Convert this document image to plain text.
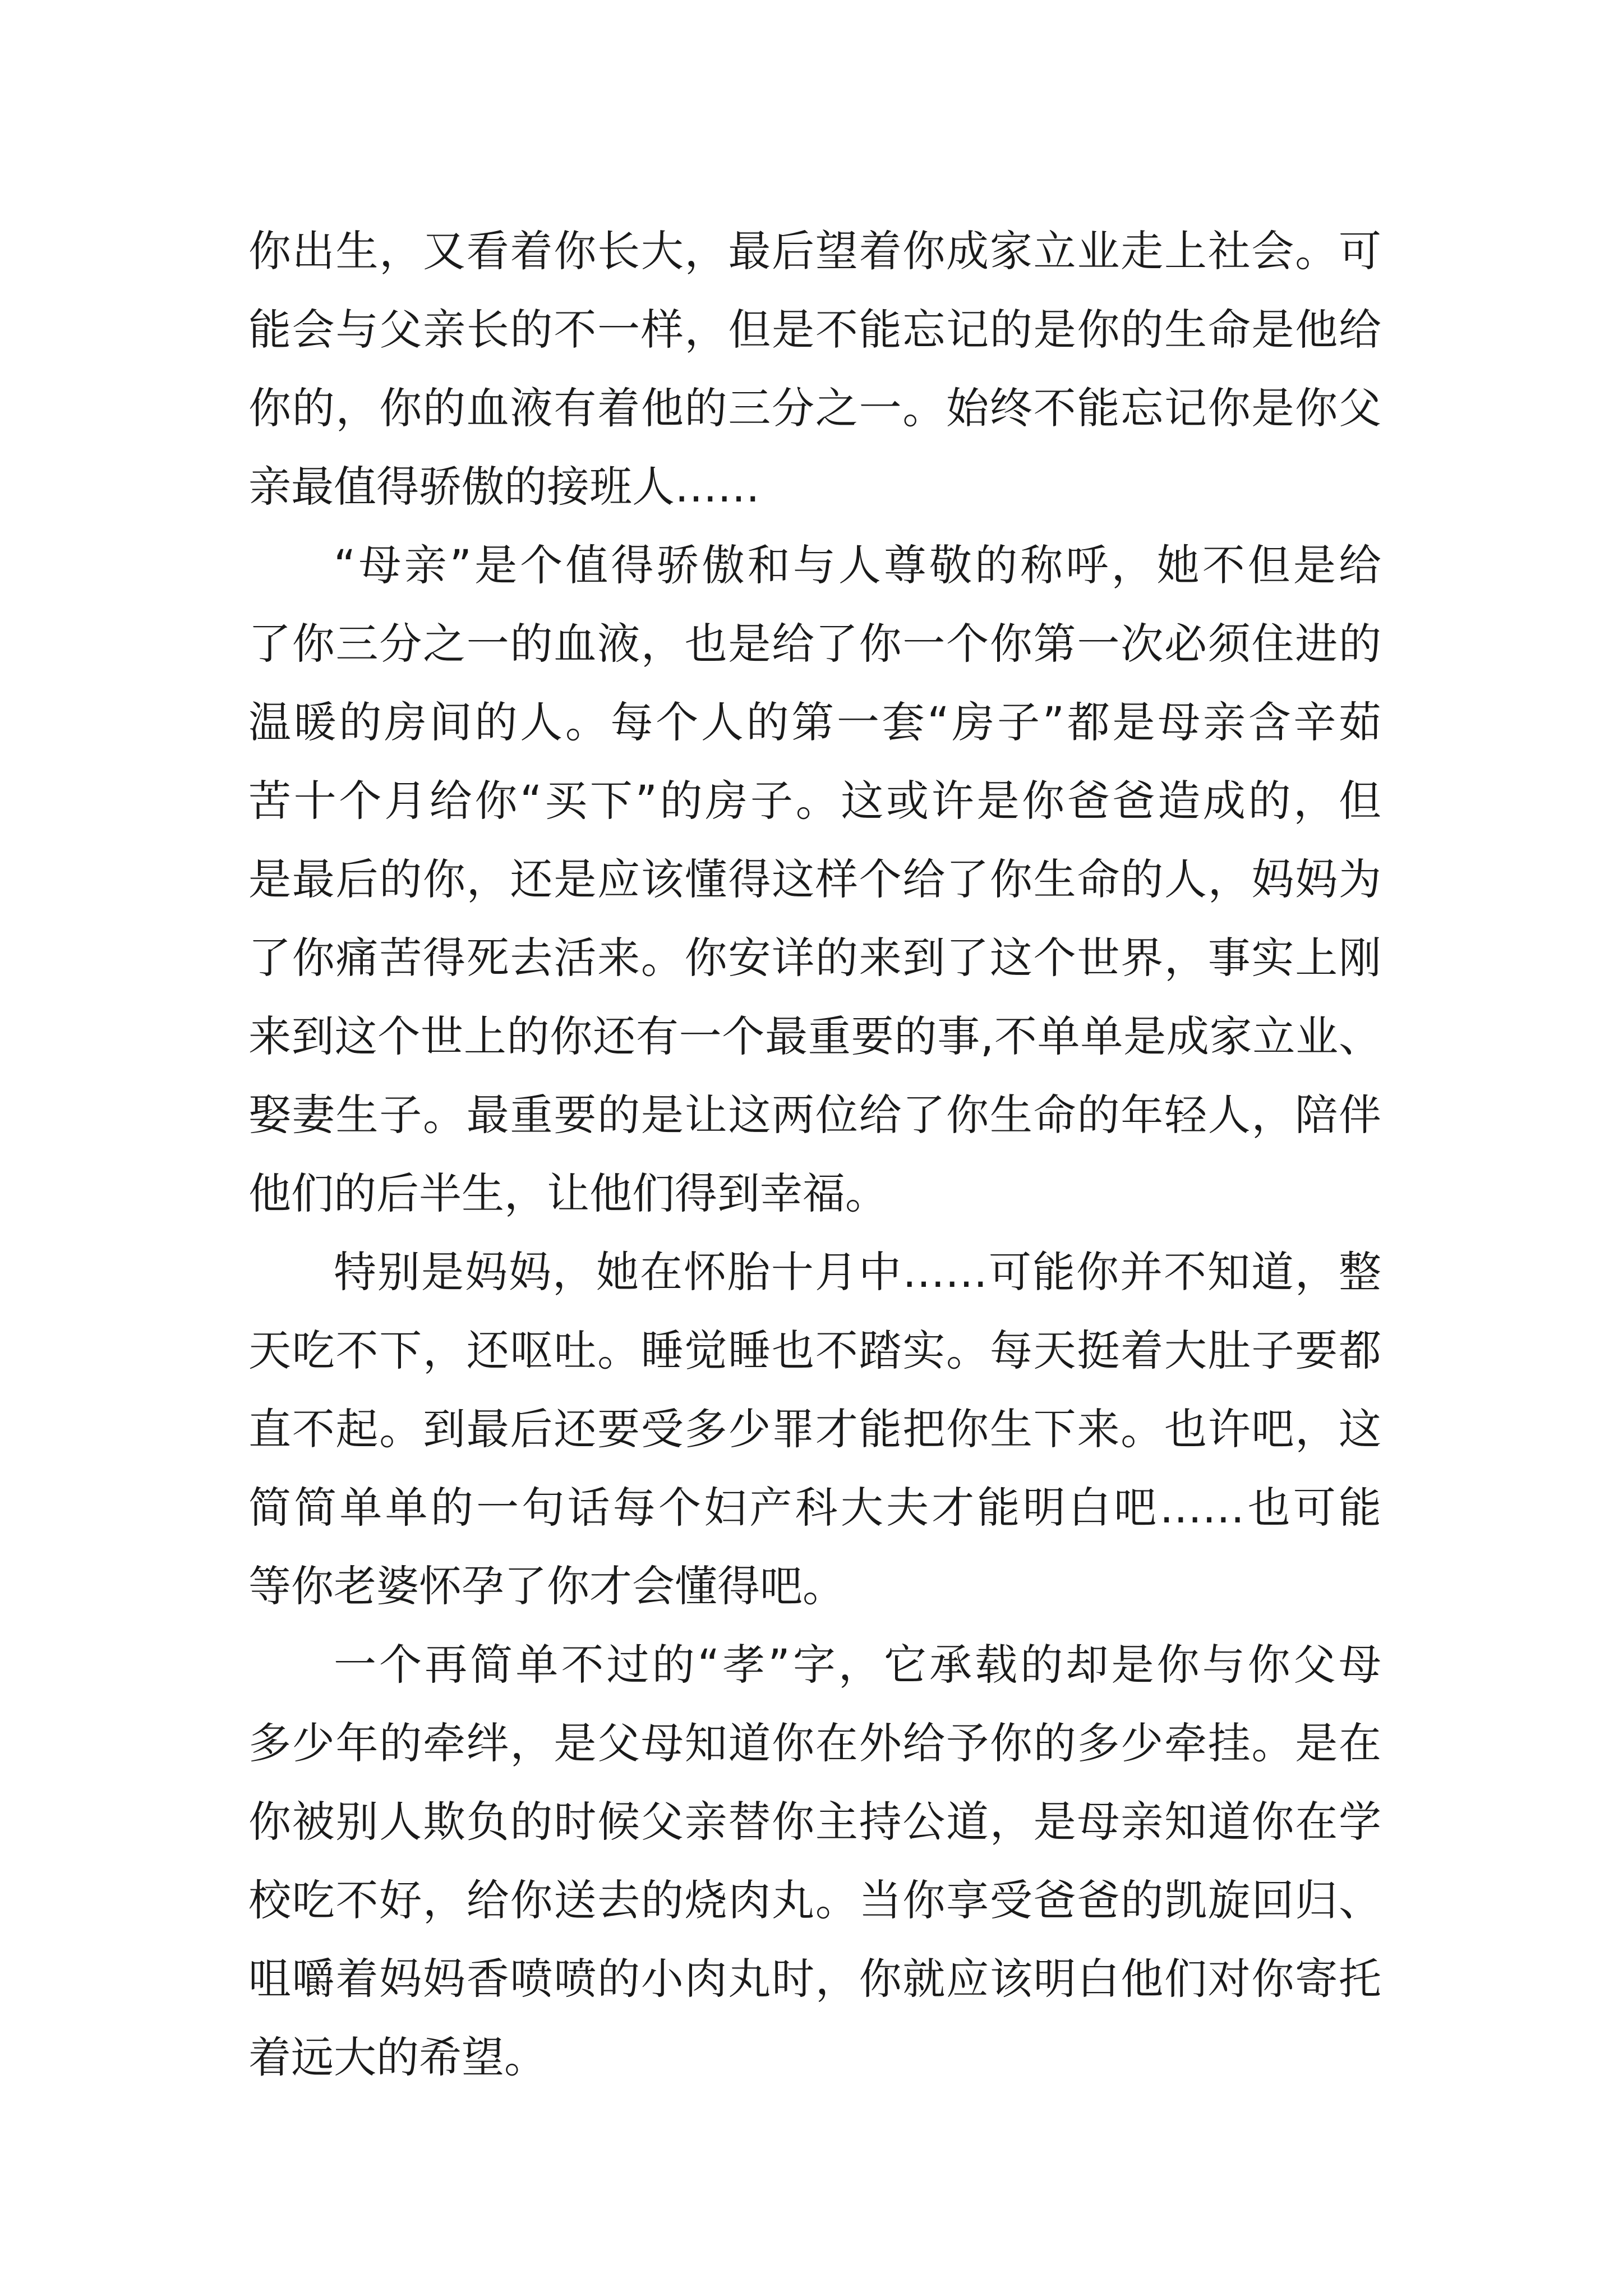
你出生，又看着你长大，最后望着你成家立业走上社会。可
能会与父亲长的不一样，但是不能忘记的是你的生命是他给
你的，你的血液有着他的三分之一。始终不能忘记你是你父
亲最值得骄傲的接班人……
“母亲”是个值得骄傲和与人尊敬的称呼，她不但是给
了你三分之一的血液，也是给了你一个你第一次必须住进的
温暖的房间的人。每个人的第一套“房子”都是母亲含辛茹
苦十个月给你“买下”的房子。这或许是你爸爸造成的，但
是最后的你，还是应该懂得这样个给了你生命的人，妈妈为
了你痛苦得死去活来。你安详的来到了这个世界，事实上刚
来到这个世上的你还有一个最重要的事,不单单是成家立业、
娶妻生子。最重要的是让这两位给了你生命的年轻人，陪伴
他们的后半生，让他们得到幸福。
特别是妈妈，她在怀胎十月中……可能你并不知道，整
天吃不下，还呕吐。睡觉睡也不踏实。每天挺着大肚子要都
直不起。到最后还要受多少罪才能把你生下来。也许吧，这
简简单单的一句话每个妇产科大夫才能明白吧……也可能
等你老婆怀孕了你才会懂得吧。
一个再简单不过的“孝”字，它承载的却是你与你父母
多少年的牵绊，是父母知道你在外给予你的多少牵挂。是在
你被别人欺负的时候父亲替你主持公道，是母亲知道你在学
校吃不好，给你送去的烧肉丸。当你享受爸爸的凯旋回归、
咀嚼着妈妈香喷喷的小肉丸时，你就应该明白他们对你寄托
着远大的希望。
